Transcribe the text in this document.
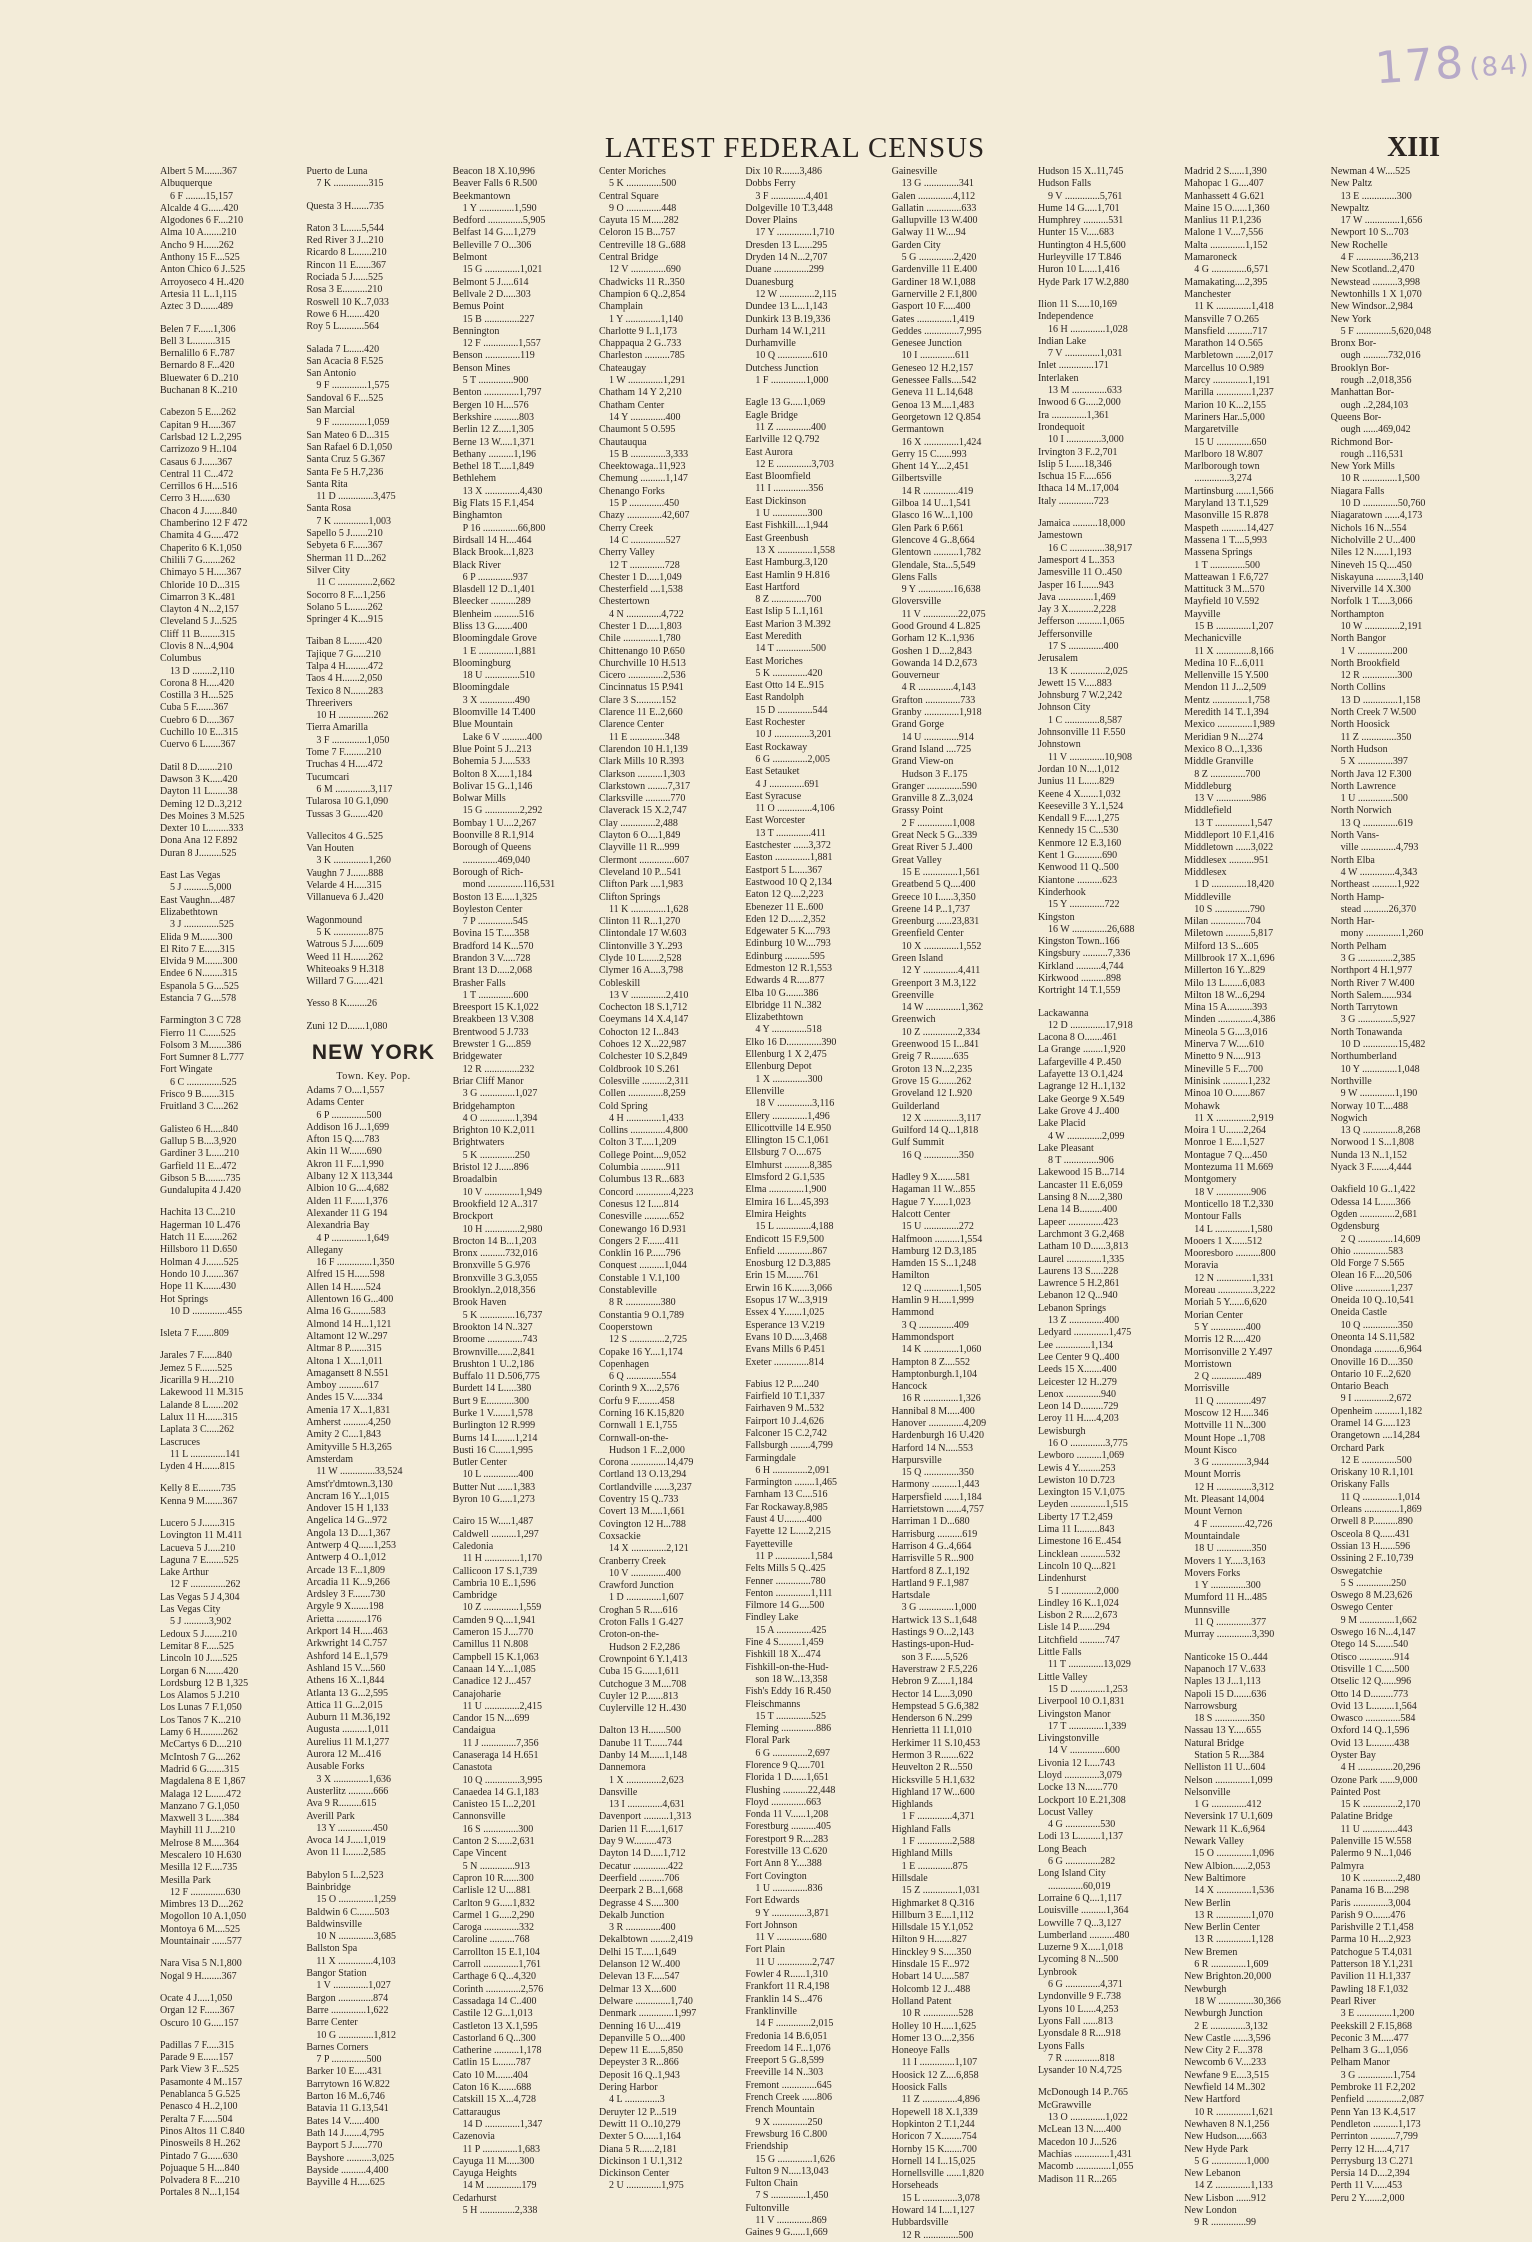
178(84)
LATEST FEDERAL CENSUS	XIII
Albert 5 M.......367
Albuquerque
6 F ........15,157
Alcalde 4 G......420
Algodones 6 F....210
Alma 10 A.......210
Ancho 9 H......262
Anthony 15 F....525
Anton Chico 6 J..525
Arroyoseco 4 H..420
Artesia 11 L..1,115
Aztec 3 D.......489
Belen 7 F......1,306
Bell 3 L.........315
Bernalillo 6 F..787
Bernardo 8 F...420
Bluewater 6 D..210
Buchanan 8 K..210
Cabezon 5 E....262
Capitan 9 H.....367
Carlsbad 12 L.2,295
Carrizozo 9 H..104
Casaus 6 J......367
Central 11 C...472
Cerrillos 6 H....516
Cerro 3 H......630
Chacon 4 J.......840
Chamberino 12 F 472
Chamita 4 G.....472
Chaperito 6 K.1,050
Chilili 7 G.......262
Chimayo 5 H.....367
Chloride 10 D...315
Cimarron 3 K..481
Clayton 4 N...2,157
Cleveland 5 J...525
Cliff 11 B........315
Clovis 8 N...4,904
Columbus
13 D ........2,110
Corona 8 H.....420
Costilla 3 H....525
Cuba 5 F.......367
Cuebro 6 D.....367
Cuchillo 10 E...315
Cuervo 6 L......367
Datil 8 D........210
Dawson 3 K.....420
Dayton 11 L.......38
Deming 12 D..3,212
Des Moines 3 M.525
Dexter 10 L........333
Dona Ana 12 F.892
Duran 8 J.........525
East Las Vegas
5 J ..........5,000
East Vaughn....487
Elizabethtown
3 J ..............525
Elida 9 M.......300
El Rito 7 E......315
Elvida 9 M.......300
Endee 6 N........315
Espanola 5 G....525
Estancia 7 G....578
Farmington 3 C 728
Fierro 11 C......525
Folsom 3 M.......386
Fort Sumner 8 L.777
Fort Wingate
6 C ..............525
Frisco 9 B.......315
Fruitland 3 C....262
Galisteo 6 H.....840
Gallup 5 B....3,920
Gardiner 3 L.....210
Garfield 11 E...472
Gibson 5 B........735
Gundalupita 4 J.420
Hachita 13 C...210
Hagerman 10 L.476
Hatch 11 E.......262
Hillsboro 11 D.650
Holman 4 J.......525
Hondo 10 J.......367
Hope 11 K.......430
Hot Springs
10 D ..............455
Isleta 7 F.......809
Jarales 7 F......840
Jemez 5 F.......525
Jicarilla 9 H....210
Lakewood 11 M.315
Lalande 8 L......202
Lalux 11 H.......315
Laplata 3 C.....262
Lascruces
11 L ..............141
Lyden 4 H.......815
Kelly 8 E.........735
Kenna 9 M.......367
Lucero 5 J.......315
Lovington 11 M.411
Lacueva 5 J.....210
Laguna 7 E.......525
Lake Arthur
12 F ..............262
Las Vegas 5 J 4,304
Las Vegas City
5 J ..........3,902
Ledoux 5 J.......210
Lemitar 8 F.....525
Lincoln 10 J.....525
Lorgan 6 N.......420
Lordsburg 12 B 1,325
Los Alamos 5 J.210
Los Lunas 7 F.1,050
Los Tanos 7 K...210
Lamy 6 H.........262
McCartys 6 D....210
McIntosh 7 G....262
Madrid 6 G.......315
Magdalena 8 E 1,867
Malaga 12 L......472
Manzano 7 G.1,050
Maxwell 3 L.....384
Mayhill 11 J....210
Melrose 8 M.....364
Mescalero 10 H.630
Mesilla 12 F.....735
Mesilla Park
12 F ..............630
Mimbres 13 D....262
Mogollon 10 A.1,050
Montoya 6 M....525
Mountainair ......577
Nara Visa 5 N.1,800
Nogal 9 H........367
Ocate 4 J.....1,050
Organ 12 F......367
Oscuro 10 G.....157
Padillas 7 F.....315
Parade 9 E......157
Park View 3 F...525
Pasamonte 4 M..157
Penablanca 5 G.525
Penasco 4 H..2,100
Peralta 7 F......504
Pinos Altos 11 C.840
Pinosweils 8 H..262
Pintado 7 G......630
Pojuaque 5 H....840
Polvadera 8 F....210
Portales 8 N...1,154
Puerto de Luna
7 K ..............315
Questa 3 H.......735
Raton 3 L......5,544
Red River 3 J...210
Ricardo 8 L.......210
Rincon 11 E......367
Rociada 5 J......525
Rosa 3 E..........210
Roswell 10 K..7,033
Rowe 6 H.......420
Roy 5 L..........564
Salada 7 L......420
San Acacia 8 F.525
San Antonio
9 F ..............1,575
Sandoval 6 F....525
San Marcial
9 F ..............1,059
San Mateo 6 D...315
San Rafael 6 D.1,050
Santa Cruz 5 G.367
Santa Fe 5 H.7,236
Santa Rita
11 D ..............3,475
Santa Rosa
7 K ..............1,003
Sapello 5 J.......210
Sebyeta 6 F......367
Sherman 11 D...262
Silver City
11 C ..............2,662
Socorro 8 F....1,256
Solano 5 L.......262
Springer 4 K....915
Taiban 8 L.......420
Tajique 7 G.....210
Talpa 4 H.........472
Taos 4 H.......2,050
Texico 8 N.......283
Threerivers
10 H ..............262
Tierra Amarilla
3 F ..............1,050
Tome 7 F.........210
Truchas 4 H.....472
Tucumcari
6 M ..............3,117
Tularosa 10 G.1,090
Tussas 3 G.......420
Vallecitos 4 G..525
Van Houten
3 K ..............1,260
Vaughn 7 J.......888
Velarde 4 H.....315
Villanueva 6 J..420
Wagonmound
5 K ..............875
Watrous 5 J......609
Weed 11 H.......262
Whiteoaks 9 H.318
Willard 7 G......421
Yesso 8 K........26
Zuni 12 D.......1,080
NEW YORK
Town. Key. Pop.
Adams 7 O....1,557
Adams Center
6 P ..............500
Addison 16 J...1,699
Afton 15 Q.....783
Akin 11 W.......690
Akron 11 F....1,990
Albany 12 X 113,344
Albion 10 G....4,682
Alden 11 F......1,376
Alexander 11 G 194
Alexandria Bay
4 P ..............1,649
Allegany
16 F ..............1,350
Alfred 15 H......598
Allen 14 H......524
Allentown 16 G...400
Alma 16 G........583
Almond 14 H...1,121
Altamont 12 W..297
Altmar 8 P.......315
Altona 1 X....1,011
Amagansett 8 N.551
Amboy ..........617
Andes 15 V......334
Amenia 17 X...1,831
Amherst ..........4,250
Amity 2 C....1,843
Amityville 5 H.3,265
Amsterdam
11 W ..............33,524
Amst'r'dmtown.3,130
Ancram 16 Y...1,015
Andover 15 H 1,133
Angelica 14 G...972
Angola 13 D....1,367
Antwerp 4 Q......1,253
Antwerp 4 O..1,012
Arcade 13 F...1,809
Arcadia 11 K...9,266
Ardsley 3 F.......730
Argyle 9 X.......198
Arietta ............176
Arkport 14 H.....463
Arkwright 14 C.757
Ashford 14 E..1,579
Ashland 15 V....560
Athens 16 X..1,844
Atlanta 13 G...2,595
Attica 11 G...2,015
Auburn 11 M.36,192
Augusta ..........1,011
Aurelius 11 M.1,277
Aurora 12 M...416
Ausable Forks
3 X ..............1,636
Austerlitz ..........666
Ava 9 R.........615
Averill Park
13 Y ..............450
Avoca 14 J.....1,019
Avon 11 I.......2,585
Babylon 5 I...2,523
Bainbridge
15 O ..............1,259
Baldwin 6 C.......503
Baldwinsville
10 N ..............3,685
Ballston Spa
11 X ..............4,103
Bangor Station
1 V ..............1,027
Bargon ..............874
Barre ..............1,622
Barre Center
10 G ..............1,812
Barnes Corners
7 P ..............500
Barker 10 E.....431
Barrytown 16 W.822
Barton 16 M..6,746
Batavia 11 G.13,541
Bates 14 V......400
Bath 14 J.......4,795
Bayport 5 J......770
Bayshore ..........3,025
Bayside ..........4,400
Bayville 4 H.....625
Beacon 18 X.10,996
Beaver Falls 6 R.500
Beekmantown
1 Y ..............1,590
Bedford ..............5,905
Belfast 14 G....1,279
Belleville 7 O...306
Belmont
15 G ..............1,021
Belmont 5 J.....614
Bellvale 2 D.....303
Bemus Point
15 B ..............227
Bennington
12 F ..............1,557
Benson ..............119
Benson Mines
5 T ..............900
Benton ..............1,797
Bergen 10 H....576
Berkshire ..........803
Berlin 12 Z.....1,305
Berne 13 W.....1,371
Bethany ..........1,196
Bethel 18 T.....1,849
Bethlehem
13 X ..............4,430
Big Flats 15 F.1,454
Binghamton
P 16 ..............66,800
Birdsall 14 H....464
Black Brook...1,823
Black River
6 P ..............937
Blasdell 12 D..1,401
Bleecker ..........289
Blenheim ..........516
Bliss 13 G.......400
Bloomingdale Grove
1 E ..............1,881
Bloomingburg
18 U ..............510
Bloomingdale
3 X ..............490
Bloomville 14 T.400
Blue Mountain
Lake 6 V ..........400
Blue Point 5 J...213
Bohemia 5 J.....533
Bolton 8 X.....1,184
Bolivar 15 G..1,146
Bolwar Mills
15 G ..............2,292
Bombay 1 U....2,267
Boonville 8 R.1,914
Borough of Queens
..............469,040
Borough of Rich-
mond ..............116,531
Boston 13 E.....1,325
Boyleston Center
7 P ..............545
Bovina 15 T.....358
Bradford 14 K...570
Brandon 3 V.....728
Brant 13 D.....2,068
Brasher Falls
1 T ..............600
Breesport 15 K.1,022
Breakbeen 13 V.308
Brentwood 5 J.733
Brewster 1 G....859
Bridgewater
12 R ..............232
Briar Cliff Manor
3 G ..............1,027
Bridgehampton
4 O ..............1,394
Brighton 10 K.2,011
Brightwaters
5 K ..............250
Bristol 12 J......896
Broadalbin
10 V ..............1,949
Brookfield 12 A..317
Brockport
10 H ..............2,980
Brocton 14 B...1,203
Bronx ..........732,016
Bronxville 5 G.976
Bronxville 3 G.3,055
Brooklyn..2,018,356
Brook Haven
5 K ..............16,737
Brookton 14 N..327
Broome ..............743
Brownville......2,841
Brushton 1 U..2,186
Buffalo 11 D.506,775
Burdett 14 L.....380
Burt 9 E...........300
Burke 1 V.......1,578
Burlington 12 R.999
Burns 14 I........1,214
Busti 16 C......1,995
Butler Center
10 L ..............400
Butter Nut ......1,383
Byron 10 G.....1,273
Cairo 15 W.....1,487
Caldwell ..........1,297
Caledonia
11 H ..............1,170
Callicoon 17 S.1,739
Cambria 10 E..1,596
Cambridge
10 Z ..............1,559
Camden 9 Q....1,941
Cameron 15 J....770
Camillus 11 N.808
Campbell 15 K.1,063
Canaan 14 Y....1,085
Canadice 12 J...457
Canajoharie
11 U ..............2,415
Candor 15 N....699
Candaigua
11 J ..............7,356
Canaseraga 14 H.651
Canastota
10 Q ..............3,995
Canaedea 14 G.1,183
Canisteo 15 I...2,201
Cannonsville
16 S ..............300
Canton 2 S......2,631
Cape Vincent
5 N ..............913
Capron 10 R......300
Carlisle 12 U....881
Carlton 9 G.....1,832
Carmel 1 G.....2,290
Caroga ..............332
Caroline ..........768
Carrollton 15 E.1,104
Carroll ..............1,761
Carthage 6 Q...4,320
Corinth ..............2,576
Cassadaga 14 C..400
Castile 12 G...1,013
Castleton 13 X.1,595
Castorland 6 Q...300
Catherine ..........1,178
Catlin 15 L.......787
Cato 10 M.......404
Caton 16 K.......688
Catskill 15 X...4,728
Cattaraugus
14 D ..............1,347
Cazenovia
11 P ..............1,683
Cayuga 11 M.....300
Cayuga Heights
14 M ..............179
Cedarhurst
5 H ..............2,338
Center Moriches
5 K ..............500
Central Square
9 O ..............448
Cayuta 15 M.....282
Celoron 15 B...757
Centreville 18 G..688
Central Bridge
12 V ..............690
Chadwicks 11 R..350
Champion 6 Q..2,854
Champlain
1 Y ..............1,140
Charlotte 9 I..1,173
Chappaqua 2 G..733
Charleston ..........785
Chateaugay
1 W ..............1,291
Chatham 14 Y 2,210
Chatham Center
14 Y ..............400
Chaumont 5 O.595
Chautauqua
15 B ..............3,333
Cheektowaga..11,923
Chemung ..........1,147
Chenango Forks
15 P ..............450
Chazy ..............42,607
Cherry Creek
14 C ..............527
Cherry Valley
12 T ..............728
Chester 1 D.....1,049
Chesterfield ....1,538
Chestertown
4 N ..............4,722
Chester 1 D.....1,803
Chile ..............1,780
Chittenango 10 P.650
Churchville 10 H.513
Cicero ..............2,536
Cincinnatus 15 P.941
Clare 3 S..........152
Clarence 11 E..2,660
Clarence Center
11 E ..............348
Clarendon 10 H.1,139
Clark Mills 10 R.393
Clarkson ..........1,303
Clarkstown ........7,317
Clarksville ..........770
Claverack 15 X.2,747
Clay ..............2,488
Clayton 6 O....1,849
Clayville 11 R...999
Clermont ..............607
Cleveland 10 P...541
Clifton Park ....1,983
Clifton Springs
11 K ..............1,628
Clinton 11 R...1,270
Clintondale 17 W.603
Clintonville 3 Y..293
Clyde 10 L......2,528
Clymer 16 A....3,798
Cobleskill
13 V ..............2,410
Cochecton 18 S.1,712
Coeymans 14 X.4,147
Cohocton 12 I...843
Cohoes 12 X...22,987
Colchester 10 S.2,849
Coldbrook 10 S.261
Colesville ..........2,311
Collen ..............8,259
Cold Spring
4 H ..............1,433
Collins ..............4,800
Colton 3 T.....1,209
College Point....9,052
Columbia ..........911
Columbus 13 R...683
Concord ..............4,223
Conesus 12 I.....814
Conesville ..........652
Conewango 16 D.931
Congers 2 F.......411
Conklin 16 P......796
Conquest ..........1,044
Constable 1 V.1,100
Constableville
8 R ..............380
Constantia 9 O.1,789
Cooperstown
12 S ..............2,725
Copake 16 Y....1,174
Copenhagen
6 Q ..............554
Corinth 9 X....2,576
Corfu 9 F.........458
Corning 16 K.15,820
Cornwall 1 E.1,755
Cornwall-on-the-
Hudson 1 F...2,000
Corona ..............14,479
Cortland 13 O.13,294
Cortlandville ......3,237
Coventry 15 Q..733
Covert 13 M.....1,661
Covington 12 H...788
Coxsackie
14 X ..............2,121
Cranberry Creek
10 V ..............400
Crawford Junction
1 D ..............1,607
Croghan 5 R.....616
Croton Falls 1 G.427
Croton-on-the-
Hudson 2 F.2,286
Crownpoint 6 Y.1,413
Cuba 15 G......1,611
Cutchogue 3 M....708
Cuyler 12 P.......813
Cuylerville 12 H..430
Dalton 13 H.......500
Danube 11 T.......744
Danby 14 M......1,148
Dannemora
1 X ..............2,623
Dansville
13 I ..............4,631
Davenport ..........1,313
Darien 11 F......1,617
Day 9 W.........473
Dayton 14 D.....1,712
Decatur ..............422
Deerfield ..........706
Deerpark 2 B...1,668
Degrasse 4 S.....300
Dekalb Junction
3 R ..............400
Dekalbtown ........2,419
Delhi 15 T.....1,649
Delanson 12 W..400
Delevan 13 F.....547
Delmar 13 X....600
Delware ..............1,740
Denmark ..............1,997
Denning 16 U....419
Depanville 5 O....400
Depew 11 E.....5,850
Depeyster 3 R...866
Deposit 16 Q..1,943
Dering Harbor
4 L ..............3
Deruyter 12 P...519
Dewitt 11 O..10,279
Dexter 5 O......1,164
Diana 5 R......2,181
Dickinson 1 U.1,312
Dickinson Center
2 U ..............1,975
Dix 10 R.......3,486
Dobbs Ferry
3 F ..............4,401
Dolgeville 10 T.3,448
Dover Plains
17 Y ..............1,710
Dresden 13 L.....295
Dryden 14 N...2,707
Duane ..............299
Duanesburg
12 W ..............2,115
Dundee 13 L...1,143
Dunkirk 13 B.19,336
Durham 14 W.1,211
Durhamville
10 Q ..............610
Dutchess Junction
1 F ..............1,000
Eagle 13 G.....1,069
Eagle Bridge
11 Z ..............400
Earlville 12 Q.792
East Aurora
12 E ..............3,703
East Bloomfield
11 I ..............356
East Dickinson
1 U ..............300
East Fishkill....1,944
East Greenbush
13 X ..............1,558
East Hamburg.3,120
East Hamlin 9 H.816
East Hartford
8 Z ..............700
East Islip 5 I..1,161
East Marion 3 M.392
East Meredith
14 T ..............500
East Moriches
5 K ..............420
East Otto 14 E..915
East Randolph
15 D ..............544
East Rochester
10 J ..............3,201
East Rockaway
6 G ..............2,005
East Setauket
4 J ..............691
East Syracuse
11 O ..............4,106
East Worcester
13 T ..............411
Eastchester ......3,372
Easton ..............1,881
Eastport 5 L.....367
Eastwood 10 Q 2,134
Eaton 12 Q....2,223
Ebenezer 11 E..600
Eden 12 D......2,352
Edgewater 5 K....793
Edinburg 10 W....793
Edinburg ..........595
Edmeston 12 R.1,553
Edwards 4 R.....877
Elba 10 G.......386
Elbridge 11 N..382
Elizabethtown
4 Y ..............518
Elko 16 D..............390
Ellenburg 1 X 2,475
Ellenburg Depot
1 X ..............300
Ellenville
18 V ..............3,116
Ellery ..............1,496
Ellicottville 14 E.950
Ellington 15 C.1,061
Ellsburg 7 O....675
Elmhurst ..........8,385
Elmsford 2 G.1,535
Elma ..............1,900
Elmira 16 L...45,393
Elmira Heights
15 L ..............4,188
Endicott 15 F.9,500
Enfield ..............867
Enosburg 12 D.3,885
Erin 15 M.......761
Erwin 16 K.......3,066
Esopus 17 W...3,919
Essex 4 Y.......1,025
Esperance 13 V.219
Evans 10 D.....3,468
Evans Mills 6 P.451
Exeter ..............814
Fabius 12 P.....240
Fairfield 10 T.1,337
Fairhaven 9 M..532
Fairport 10 J..4,626
Falconer 15 C.2,742
Fallsburgh ........4,799
Farmingdale
6 H ..............2,091
Farmington ........1,465
Farnham 13 C....516
Far Rockaway.8,985
Faust 4 U.........400
Fayette 12 L.....2,215
Fayetteville
11 P ..............1,584
Felts Mills 5 Q..425
Fenner ..............780
Fenton ..............1,111
Filmore 14 G....500
Findley Lake
15 A ..............425
Fine 4 S.........1,459
Fishkill 18 X...474
Fishkill-on-the-Hud-
son 18 W...13,358
Fish's Eddy 16 R.450
Fleischmanns
15 T ..............525
Fleming ..............886
Floral Park
6 G ..............2,697
Florence 9 Q.....701
Florida 1 D......1,651
Flushing ..........22,448
Floyd ..............663
Fonda 11 V......1,208
Forestburg ..........405
Forestport 9 R....283
Forestville 13 C.620
Fort Ann 8 Y....388
Fort Covington
1 U ..............836
Fort Edwards
9 Y ..............3,871
Fort Johnson
11 V ..............680
Fort Plain
11 U ..............2,747
Fowler 4 R......1,310
Frankfort 11 R.4,198
Franklin 14 S...476
Franklinville
14 F ..............2,015
Fredonia 14 B.6,051
Freedom 14 F...1,076
Freeport 5 G..8,599
Freeville 14 N..303
Fremont ..............645
French Creek ......806
French Mountain
9 X ..............250
Frewsburg 16 C.800
Friendship
15 G ..............1,626
Fulton 9 N.....13,043
Fulton Chain
7 S ..............1,450
Fultonville
11 V ..............869
Gaines 9 G......1,669
Gainesville
13 G ..............341
Galen ..............4,112
Gallatin ..............633
Gallupville 13 W.400
Galway 11 W....94
Garden City
5 G ..............2,420
Gardenville 11 E.400
Gardiner 18 W.1,088
Garnerville 2 F.1,800
Gasport 10 F.....400
Gates ..............1,419
Geddes ..............7,995
Genesee Junction
10 I ..............611
Geneseo 12 H.2,157
Genessee Falls....542
Geneva 11 L.14,648
Genoa 13 M....1,483
Georgetown 12 Q.854
Germantown
16 X ..............1,424
Gerry 15 C......993
Ghent 14 Y....2,451
Gilbertsville
14 R ..............419
Gilboa 14 U...1,541
Glasco 16 W...1,100
Glen Park 6 P.661
Glencove 4 G..8,664
Glentown ..........1,782
Glendale, Sta...5,549
Glens Falls
9 Y ..............16,638
Gloversville
11 V ..............22,075
Good Ground 4 L.825
Gorham 12 K..1,936
Goshen 1 D....2,843
Gowanda 14 D.2,673
Gouverneur
4 R ..............4,143
Grafton ..............733
Granby ..............1,918
Grand Gorge
14 U ..............914
Grand Island ....725
Grand View-on
Hudson 3 F..175
Granger ..............590
Granville 8 Z..3,024
Grassy Point
2 F ..............1,008
Great Neck 5 G...339
Great River 5 J..400
Great Valley
15 E ..............1,561
Greatbend 5 Q....400
Greece 10 I......3,350
Greene 14 P...1,737
Greenburg ......23,831
Greenfield Center
10 X ..............1,552
Green Island
12 Y ..............4,411
Greenport 3 M.3,122
Greenville
14 W ..............1,362
Greenwich
10 Z ..............2,334
Greenwood 15 I...841
Greig 7 R.........635
Groton 13 N...2,235
Grove 15 G.......262
Groveland 12 I..920
Guilderland
12 X ..............3,117
Guilford 14 Q...1,818
Gulf Summit
16 Q ..............350
Hadley 9 X.......581
Hagaman 11 W...855
Hague 7 Y......1,023
Halcott Center
15 U ..............272
Halfmoon ..........1,554
Hamburg 12 D.3,185
Hamden 15 S...1,248
Hamilton
12 Q ..............1,505
Hamlin 9 H.....1,999
Hammond
3 Q ..............409
Hammondsport
14 K ..............1,060
Hampton 8 Z....552
Hamptonburgh.1,104
Hancock
16 R ..............1,326
Hannibal 8 M.....400
Hanover ..............4,209
Hardenburgh 16 U.420
Harford 14 N.....553
Harpursville
15 Q ..............350
Harmony ..........1,443
Harpersfield ......1,184
Harrietstown ......4,757
Harriman 1 D...680
Harrisburg ..........619
Harrison 4 G..4,664
Harrisville 5 R...900
Hartford 8 Z..1,192
Hartland 9 F..1,987
Hartsdale
3 G ..............1,000
Hartwick 13 S..1,648
Hastings 9 O...2,143
Hastings-upon-Hud-
son 3 F......5,526
Haverstraw 2 F.5,226
Hebron 9 Z.....1,184
Hector 14 L....3,090
Hempstead 5 G.6,382
Henderson 6 N..299
Henrietta 11 I.1,010
Herkimer 11 S.10,453
Hermon 3 R.......622
Heuvelton 2 R...550
Hicksville 5 H.1,632
Highland 17 W...600
Highlands
1 F ..............4,371
Highland Falls
1 F ..............2,588
Highland Mills
1 E ..............875
Hillsdale
15 Z ..............1,031
Highmarket 8 Q.316
Hillburn 3 E....1,112
Hillsdale 15 Y.1,052
Hilton 9 H.......827
Hinckley 9 S.....350
Hinsdale 15 F...972
Hobart 14 U.....587
Holcomb 12 J...488
Holland Patent
10 R ..............528
Holley 10 H.....1,625
Homer 13 O....2,356
Honeoye Falls
11 I ..............1,107
Hoosick 12 Z....6,858
Hoosick Falls
11 Z ..............4,896
Hopewell 18 X.1,339
Hopkinton 2 T.1,244
Horicon 7 X........754
Hornby 15 K.......700
Hornell 14 I...15,025
Hornellsville ......1,820
Horseheads
15 L ..............3,078
Howard 14 I....1,127
Hubbardsville
12 R ..............500
Hudson 15 X..11,745
Hudson Falls
9 V ..............5,761
Hume 14 G.....1,701
Humphrey ..........531
Hunter 15 V.....683
Huntington 4 H.5,600
Hurleyville 17 T.846
Huron 10 L.....1,416
Hyde Park 17 W.2,880
Ilion 11 S.....10,169
Independence
16 H ..............1,028
Indian Lake
7 V ..............1,031
Inlet ..............171
Interlaken
13 M ..............633
Inwood 6 G.....2,000
Ira ..............1,361
Irondequoit
10 I ..............3,000
Irvington 3 F..2,701
Islip 5 I......18,346
Ischua 15 F.....656
Ithaca 14 M..17,004
Italy ..............723
Jamaica ..........18,000
Jamestown
16 C ..............38,917
Jamesport 4 L..353
Jamesville 11 O..450
Jasper 16 I.......943
Java ..............1,469
Jay 3 X..........2,228
Jefferson ..........1,065
Jeffersonville
17 S ..............400
Jerusalem
13 K ..............2,025
Jewett 15 V.....883
Johnsburg 7 W.2,242
Johnson City
1 C ..............8,587
Johnsonville 11 F.550
Johnstown
11 V ..............10,908
Jordan 10 N....1,012
Junius 11 L......829
Keene 4 X.......1,032
Keeseville 3 Y..1,524
Kendall 9 F.....1,275
Kennedy 15 C...530
Kenmore 12 E.3,160
Kent 1 G...........690
Kenwood 11 Q..500
Kiantone ..........623
Kinderhook
15 Y ..............722
Kingston
16 W ..............26,688
Kingston Town..166
Kingsbury ..........7,336
Kirkland ..........4,744
Kirkwood ..........898
Kortright 14 T.1,559
Lackawanna
12 D ..............17,918
Lacona 8 O.......461
La Grange ........1,920
Lafargeville 4 P..450
Lafayette 13 O.1,424
Lagrange 12 H..1,132
Lake George 9 X.549
Lake Grove 4 J..400
Lake Placid
4 W ..............2,099
Lake Pleasant
8 T ..............906
Lakewood 15 B...714
Lancaster 11 E.6,059
Lansing 8 N.....2,380
Lena 14 B.........400
Lapeer ..............423
Larchmont 3 G.2,468
Latham 10 D......3,813
Laurel ..............1,335
Laurens 13 S.....228
Lawrence 5 H.2,861
Lebanon 12 Q...940
Lebanon Springs
13 Z ..............400
Ledyard ..............1,475
Lee ..............1,134
Lee Center 9 Q..400
Leeds 15 X.......400
Leicester 12 H..279
Lenox ..............940
Leon 14 D.........729
Leroy 11 H.....4,203
Lewisburgh
16 O ..............3,775
Lewboro ..........1,069
Lewis 4 Y.........253
Lewiston 10 D.723
Lexington 15 V.1,075
Leyden ..............1,515
Liberty 17 T.2,459
Lima 11 I.........843
Limestone 16 E..454
Lincklean ..........532
Lincoln 10 Q....821
Lindenhurst
5 I ..............2,000
Lindley 16 K..1,024
Lisbon 2 R.....2,673
Lisle 14 P.......294
Litchfield ..........747
Little Falls
11 T ..............13,029
Little Valley
15 D ..............1,253
Liverpool 10 O.1,831
Livingston Manor
17 T ..............1,339
Livingstonville
14 V ..............600
Livonia 12 I.....743
Lloyd ..............3,079
Locke 13 N.......770
Lockport 10 E.21,308
Locust Valley
4 G ..............530
Lodi 13 L.........1,137
Long Beach
6 G ..............282
Long Island City
..............60,019
Lorraine 6 Q....1,117
Louisville ..........1,364
Lowville 7 Q...3,127
Lumberland ..........480
Luzerne 9 X.....1,018
Lycoming 8 N...500
Lynbrook
6 G ..............4,371
Lyndonville 9 F..738
Lyons 10 L.....4,253
Lyons Fall ......813
Lyonsdale 8 R....918
Lyons Falls
7 R ..............818
Lysander 10 N.4,725
McDonough 14 P..765
McGrawville
13 O ..............1,022
McLean 13 N.....400
Macedon 10 J...526
Machias ..............1,431
Macomb ..............1,055
Madison 11 R...265
Madrid 2 S......1,390
Mahopac 1 G....407
Manhassett 4 G.621
Maine 15 O......1,360
Manlius 11 P.1,236
Malone 1 V....7,556
Malta ..............1,152
Mamaroneck
4 G ..............6,571
Mamakating....2,395
Manchester
11 K ..............1,418
Mansville 7 O.265
Mansfield ..........717
Marathon 14 O.565
Marbletown ......2,017
Marcellus 10 O.989
Marcy ..............1,191
Marilla ..............1,237
Marion 10 K...2,155
Mariners Har..5,000
Margaretville
15 U ..............650
Marlboro 18 W.807
Marlborough town
..............3,274
Martinsburg ......1,566
Maryland 13 T.1,529
Masonville 15 R.878
Maspeth ..........14,427
Massena 1 T....5,993
Massena Springs
1 T ..............500
Matteawan 1 F.6,727
Mattituck 3 M...570
Mayfield 10 V.592
Mayville
15 B ..............1,207
Mechanicville
11 X ..............8,166
Medina 10 F...6,011
Mellenville 15 Y.500
Mendon 11 J...2,509
Mentz ..............1,758
Meredith 14 T..1,394
Mexico ..............1,989
Meridian 9 N....274
Mexico 8 O...1,336
Middle Granville
8 Z ..............700
Middleburg
13 V ..............986
Middlefield
13 T ..............1,547
Middleport 10 F.1,416
Middletown ......3,022
Middlesex ..........951
Middlesex
1 D ..............18,420
Middleville
10 S ..............790
Milan ..............704
Miletown ..........5,817
Milford 13 S...605
Millbrook 17 X..1,696
Millerton 16 Y...829
Milo 13 L.......6,083
Milton 18 W...6,294
Mina 15 A..........393
Minden ..............4,386
Mineola 5 G....3,016
Minerva 7 W.....610
Minetto 9 N.....913
Mineville 5 F....700
Minisink ..........1,232
Minoa 10 O.......867
Mohawk
11 X ..............2,919
Moira 1 U.......2,264
Monroe 1 E....1,527
Montague 7 Q....450
Montezuma 11 M.669
Montgomery
18 V ..............906
Monticello 18 T.2,330
Montour Falls
14 L ..............1,580
Mooers 1 X......512
Mooresboro ..........800
Moravia
12 N ..............1,331
Moreau ..............3,222
Moriah 5 Y......6,620
Morian Center
5 Y ..............400
Morris 12 R.....420
Morrisonville 2 Y.497
Morristown
2 Q ..............489
Morrisville
11 Q ..............497
Moscow 12 H.....346
Mottville 11 N...300
Mount Hope ..1,708
Mount Kisco
3 G ..............3,944
Mount Morris
12 H ..............3,312
Mt. Pleasant 14,004
Mount Vernon
4 F ..............42,726
Mountaindale
18 U ..............350
Movers 1 Y.....3,163
Movers Forks
1 Y ..............300
Mumford 11 H...485
Munnsville
11 Q ..............377
Murray ..............3,390
Nanticoke 15 O..444
Napanoch 17 V..633
Naples 13 J...1,113
Napoli 15 D.......636
Narrowsburg
18 S ..............350
Nassau 13 Y.....655
Natural Bridge
Station 5 R....384
Nelliston 11 U...604
Nelson ..............1,099
Nelsonville
1 G ..............412
Neversink 17 U.1,609
Newark 11 K..6,964
Newark Valley
15 O ..............1,096
New Albion......2,053
New Baltimore
14 X ..............1,536
New Berlin
13 R ..............1,070
New Berlin Center
13 R ..............1,128
New Bremen
6 R ..............1,609
New Brighton.20,000
Newburgh
18 W ..............30,366
Newburgh Junction
2 E ..............3,132
New Castle ......3,596
New City 2 F....378
Newcomb 6 V....233
Newfane 9 E....3,515
Newfield 14 M..302
New Hartford
10 R ..............1,621
Newhaven 8 N.1,256
New Hudson......663
New Hyde Park
5 G ..............1,000
New Lebanon
14 Z ..............1,133
New Lisbon ......912
New London
9 R ..............99
Newman 4 W....525
New Paltz
13 E ..............300
Newpaltz
17 W ..............1,656
Newport 10 S...703
New Rochelle
4 F ..............36,213
New Scotland..2,470
Newstead ..........3,998
Newtonhills 1 X 1,070
New Windsor..2,984
New York
5 F ..............5,620,048
Bronx Bor-
ough ..........732,016
Brooklyn Bor-
rough ..2,018,356
Manhattan Bor-
ough ..2,284,103
Queens Bor-
ough ......469,042
Richmond Bor-
rough ..116,531
New York Mills
10 R ..............1,500
Niagara Falls
10 D ..............50,760
Niagaratown ......4,173
Nichols 16 N...554
Nicholville 2 U...400
Niles 12 N......1,193
Nineveh 15 Q....450
Niskayuna ..........3,140
Niverville 14 X.300
Norfolk 1 T.....3,066
Northampton
10 W ..............2,191
North Bangor
1 V ..............200
North Brookfield
12 R ..............300
North Collins
13 D ..............1,158
North Creek 7 W.500
North Hoosick
11 Z ..............350
North Hudson
5 X ..............397
North Java 12 F.300
North Lawrence
1 U ..............500
North Norwich
13 Q ..............619
North Vans-
ville ..............4,793
North Elba
4 W ..............4,343
Northeast ..........1,922
North Hamp-
stead ..........26,370
North Har-
mony ..............1,260
North Pelham
3 G ..............2,385
Northport 4 H.1,977
North River 7 W.400
North Salem......934
North Tarrytown
3 G ..............5,927
North Tonawanda
10 D ..............15,482
Northumberland
10 Y ..............1,048
Northville
9 W ..............1,190
Norway 10 T....488
Nogwich
13 Q ..............8,268
Norwood 1 S...1,808
Nunda 13 N..1,152
Nyack 3 F.......4,444
Oakfield 10 G..1,422
Odessa 14 L......366
Ogden ..............2,681
Ogdensburg
2 Q ..............14,609
Ohio ..............583
Old Forge 7 S.565
Olean 16 F....20,506
Olive ..............1,237
Oneida 10 Q..10,541
Oneida Castle
10 Q ..............350
Oneonta 14 S.11,582
Onondaga ..........6,964
Onoville 16 D....350
Ontario 10 F...2,620
Ontario Beach
9 I ..............2,672
Openheim ..........1,182
Oramel 14 G.....123
Orangetown ....14,284
Orchard Park
12 E ..............500
Oriskany 10 R.1,101
Oriskany Falls
11 Q ..............1,014
Orleans ..............1,869
Orwell 8 P..........890
Osceola 8 Q......431
Ossian 13 H......596
Ossining 2 F..10,739
Oswegatchie
5 S ..............250
Oswego 8 M.23,626
Oswego Center
9 M ..............1,662
Oswego 16 N...4,147
Otego 14 S.......540
Otisco ..............914
Otisville 1 C.....500
Otselic 12 Q......996
Otto 14 D.........773
Ovid 13 L.........1,564
Owasco ..............584
Oxford 14 Q..1,596
Ovid 13 L.........438
Oyster Bay
4 H ..............20,296
Ozone Park ......9,000
Painted Post
15 K ..............2,170
Palatine Bridge
11 U ..............443
Palenville 15 W.558
Palermo 9 N...1,046
Palmyra
10 K ..............2,480
Panama 16 B....298
Paris ..............3,004
Parish 9 O.......476
Parishville 2 T.1,458
Parma 10 H....2,923
Patchogue 5 T.4,031
Patterson 18 Y.1,231
Pavilion 11 H.1,337
Pawling 18 F.1,032
Pearl River
3 E ..............1,200
Peekskill 2 F.15,868
Peconic 3 M.....477
Pelham 3 G...1,056
Pelham Manor
3 G ..............1,754
Pembroke 11 F.2,202
Penfield ..............2,087
Penn Yan 13 K.4,517
Pendleton ..........1,173
Perrinton ..........7,799
Perry 12 H.....4,717
Perrysburg 13 C.271
Persia 14 D....2,394
Perth 11 V......453
Peru 2 Y.......2,000
